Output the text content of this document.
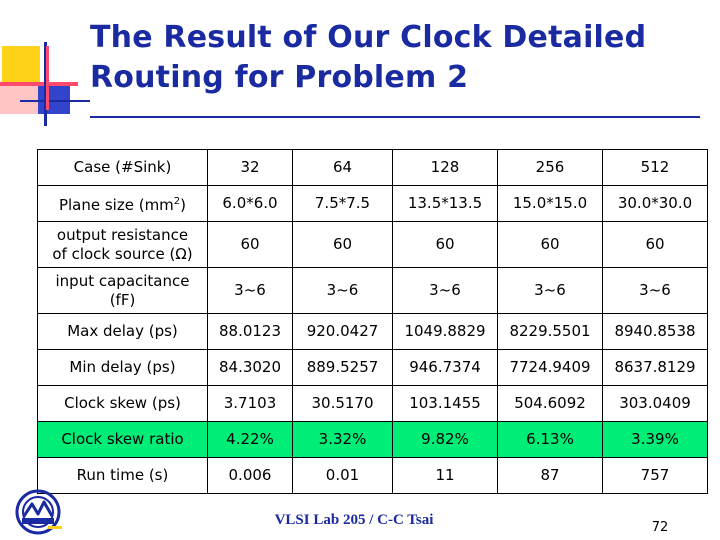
The Result of Our Clock Detailed
Routing for Problem 2
Case (#Sink)	32	64	128	256	512
Plane size $(mm^2)$	6.0*6.0	7.5*7.5	13.5*13.5	15.0*15.0	30.0*30.0

output resistance
of clock source (Ω)	60	60	60	60	60

input capacitance
(fF)	3~6	3~6	3~6	3~6	3~6
Max delay (ps)	88.0123	920.0427	1049.8829	8229.5501	8940.8538
Min delay (ps)	84.3020	889.5257	946.7374	7724.9409	8637.8129
Clock skew (ps)	3.7103	30.5170	103.1455	504.6092	303.0409
Clock skew ratio	4.22%	3.32%	9.82%	6.13%	3.39%
Run time (s)	0.006	0.01	11	87	757
VLSI Lab 205 / C-C Tsai	72
